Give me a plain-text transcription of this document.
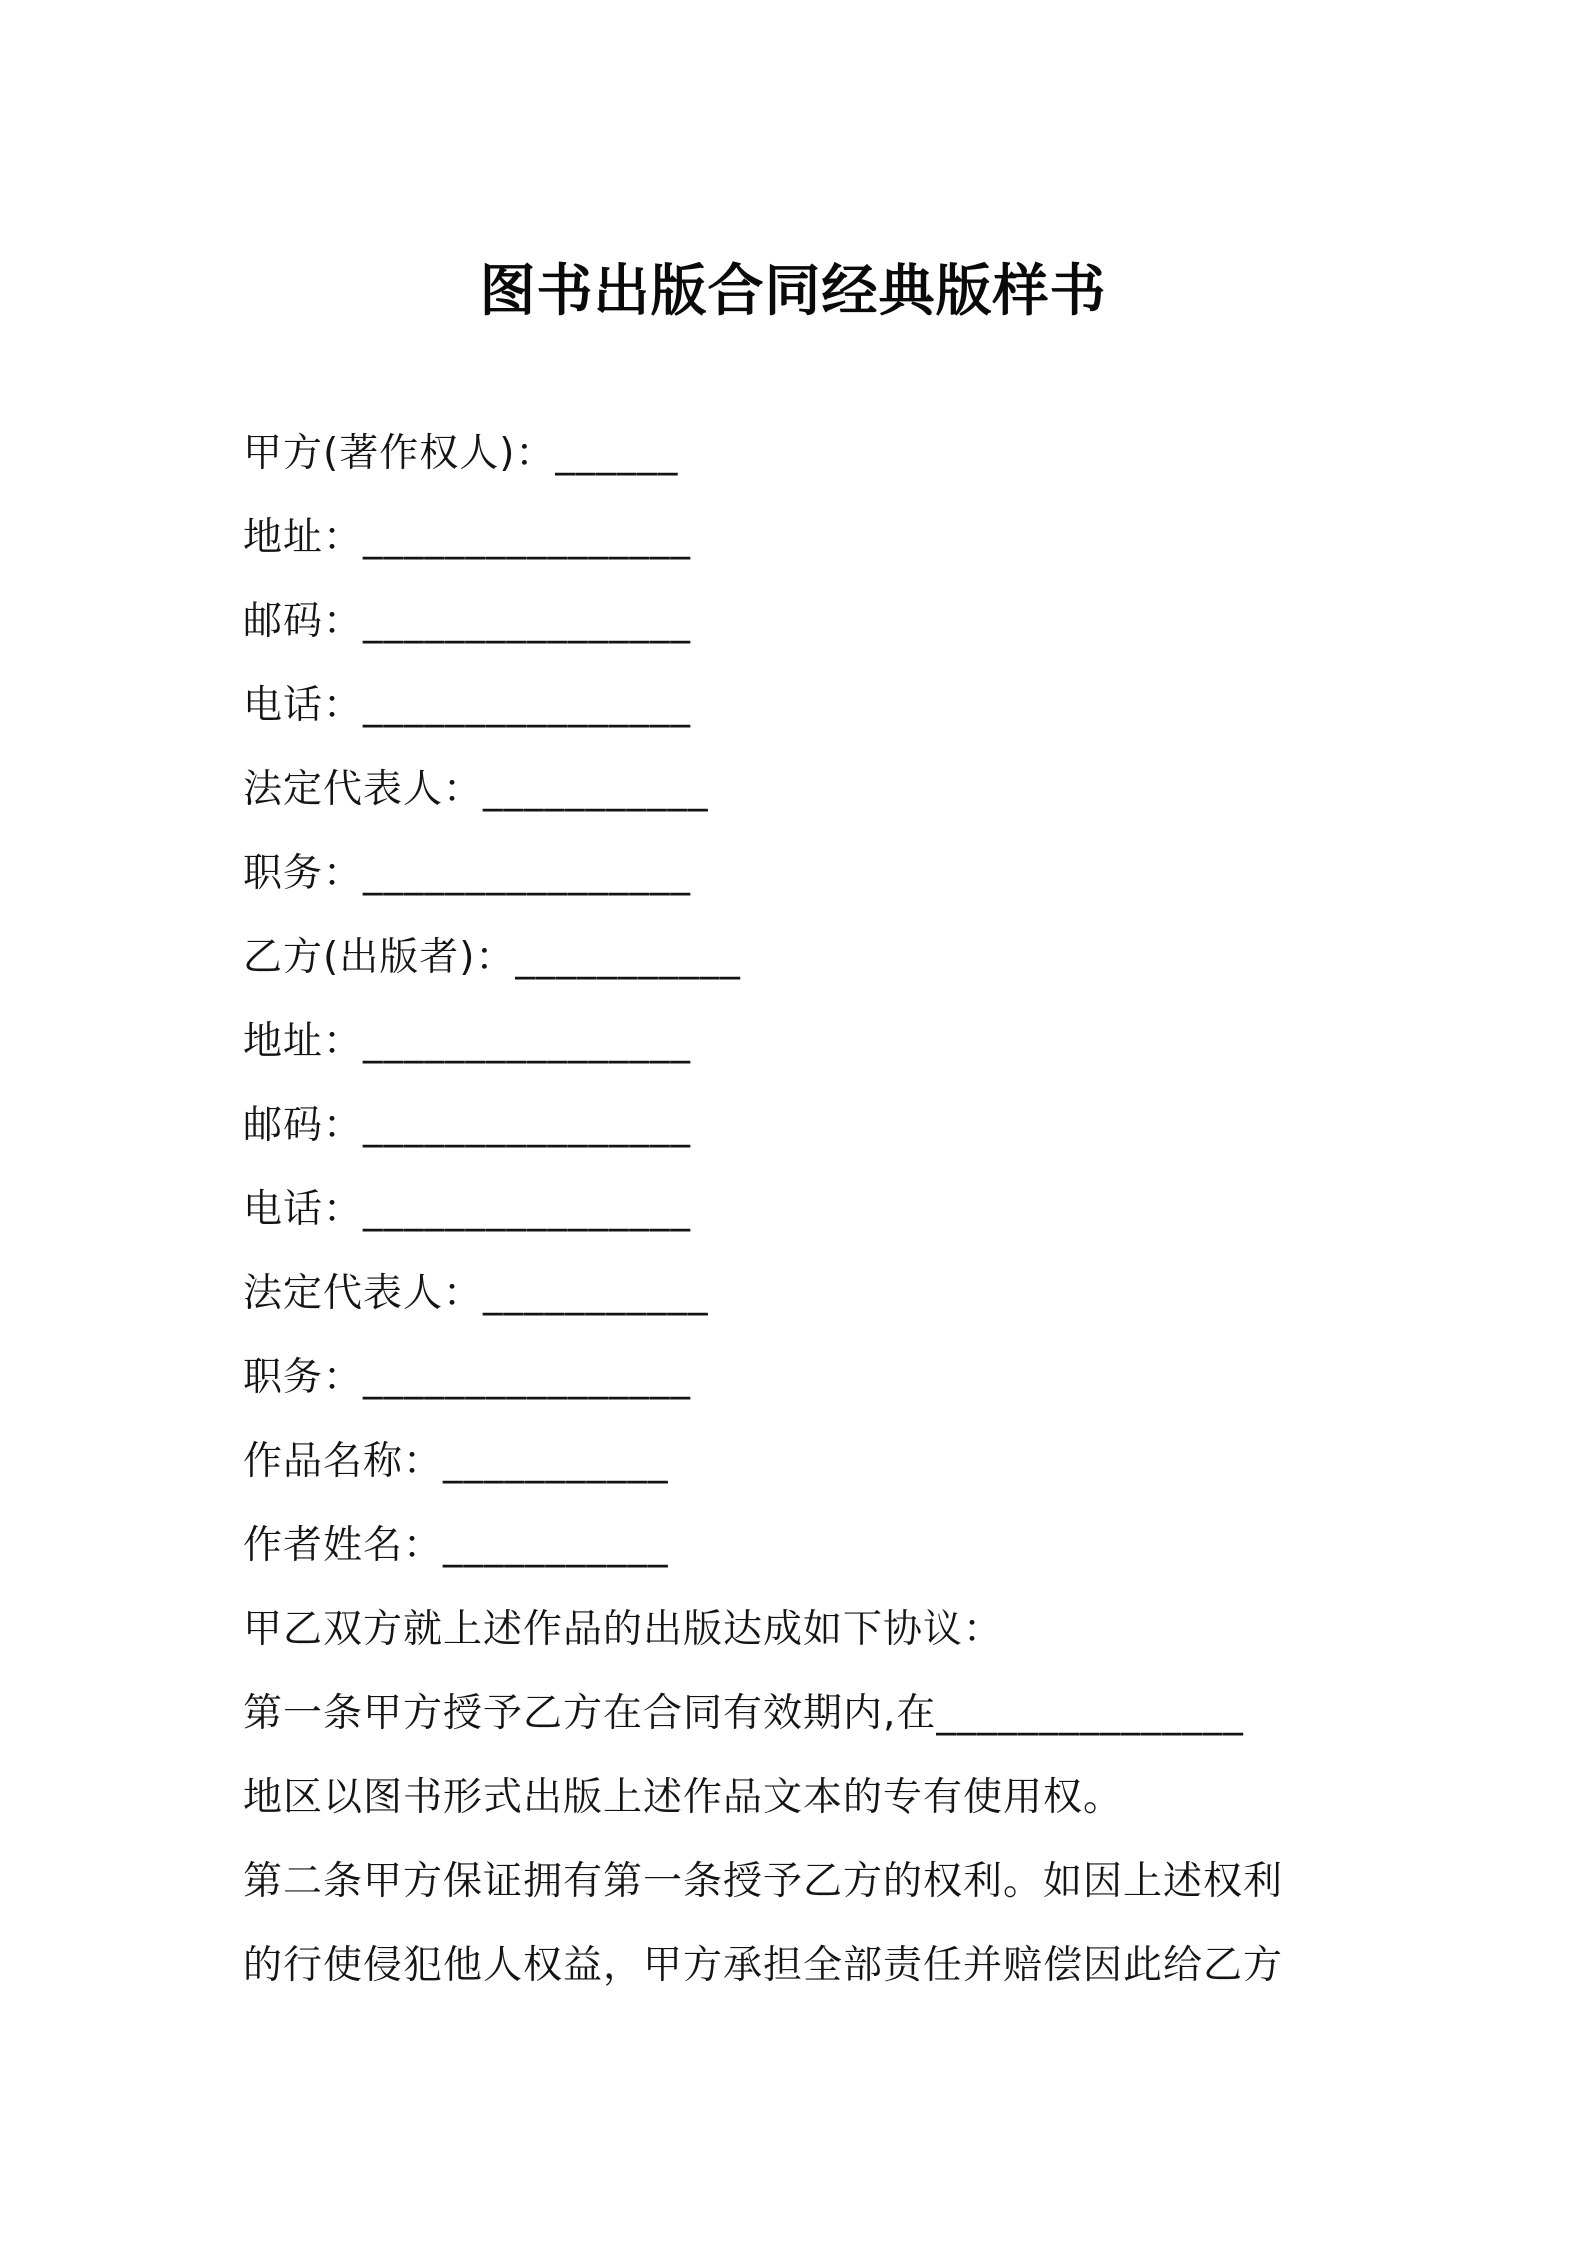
图书出版合同经典版样书
甲方(著作权人)：______
地址：________________
邮码：________________
电话：________________
法定代表人：___________
职务：________________
乙方(出版者)：___________
地址：________________
邮码：________________
电话：________________
法定代表人：___________
职务：________________
作品名称：___________
作者姓名：___________
甲乙双方就上述作品的出版达成如下协议：
第一条甲方授予乙方在合同有效期内,在_______________
地区以图书形式出版上述作品文本的专有使用权。
第二条甲方保证拥有第一条授予乙方的权利。如因上述权利
的行使侵犯他人权益，甲方承担全部责任并赔偿因此给乙方
